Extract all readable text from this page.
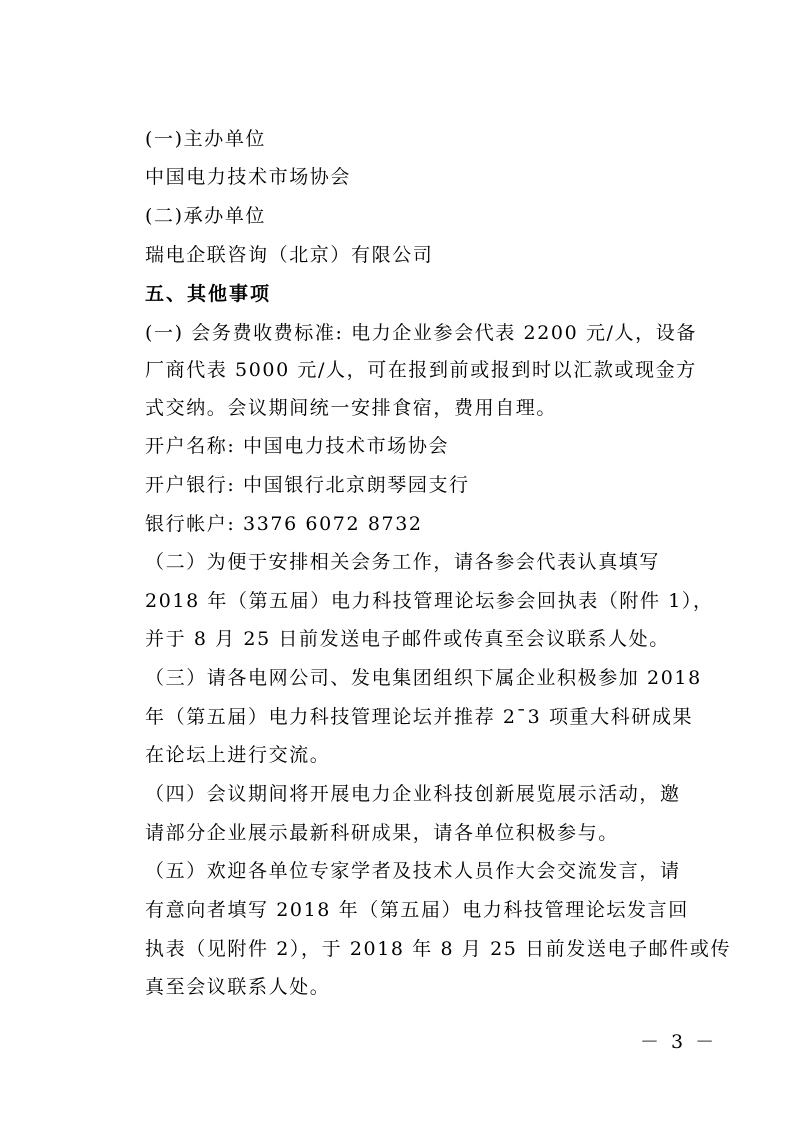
(一)主办单位
中国电力技术市场协会
(二)承办单位
瑞电企联咨询（北京）有限公司
五、其他事项
(一) 会务费收费标准: 电力企业参会代表 2200 元/人，设备
厂商代表 5000 元/人，可在报到前或报到时以汇款或现金方
式交纳。会议期间统一安排食宿，费用自理。
开户名称: 中国电力技术市场协会
开户银行: 中国银行北京朗琴园支行
银行帐户: 3376 6072 8732
（二）为便于安排相关会务工作，请各参会代表认真填写
2018 年（第五届）电力科技管理论坛参会回执表（附件 1），
并于 8 月 25 日前发送电子邮件或传真至会议联系人处。
（三）请各电网公司、发电集团组织下属企业积极参加 2018
年（第五届）电力科技管理论坛并推荐 2¯3 项重大科研成果
在论坛上进行交流。
（四）会议期间将开展电力企业科技创新展览展示活动，邀
请部分企业展示最新科研成果，请各单位积极参与。
（五）欢迎各单位专家学者及技术人员作大会交流发言，请
有意向者填写 2018 年（第五届）电力科技管理论坛发言回
执表（见附件 2），于 2018 年 8 月 25 日前发送电子邮件或传
真至会议联系人处。
－ 3 －
